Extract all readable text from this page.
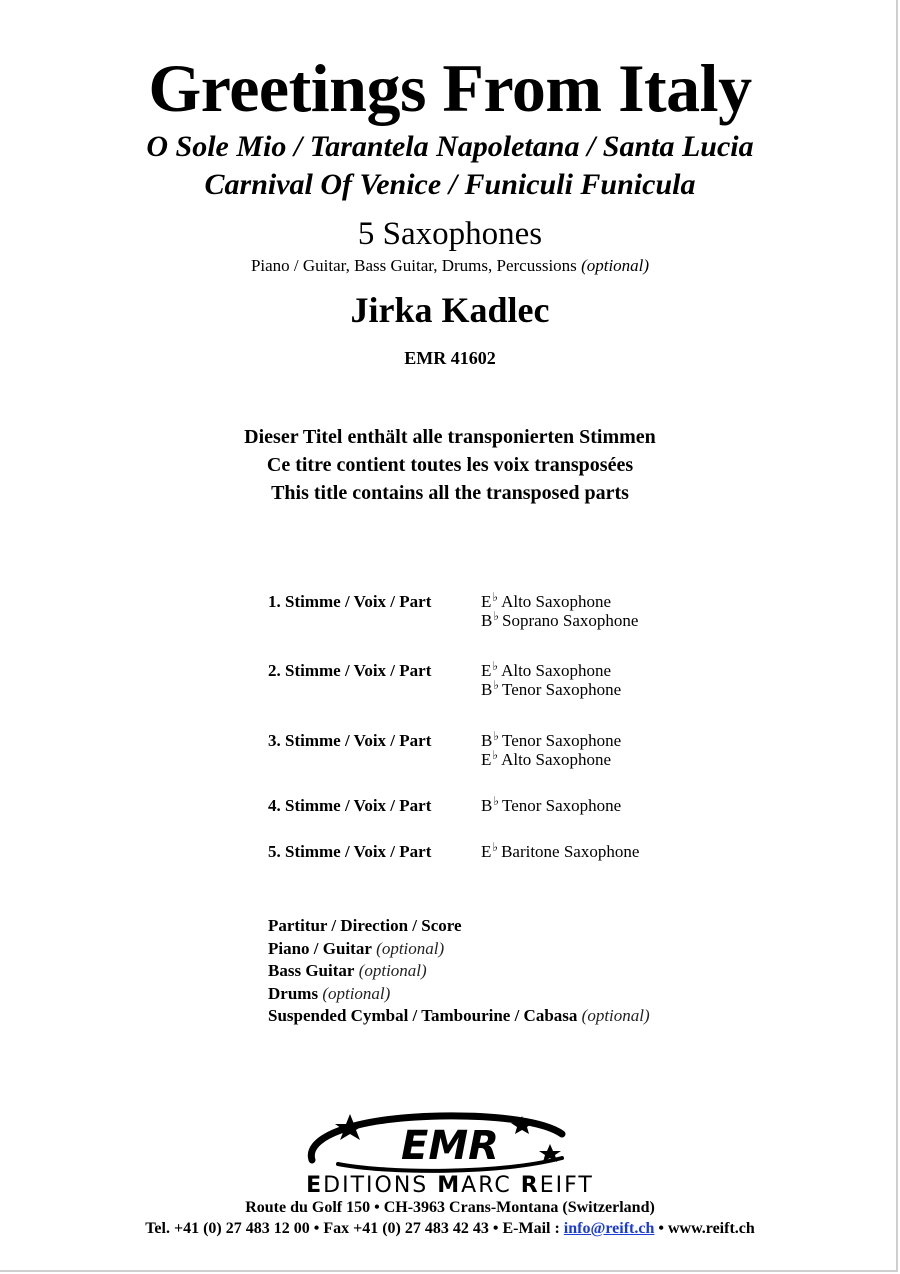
Greetings From Italy
O Sole Mio / Tarantela Napoletana / Santa Lucia
Carnival Of Venice / Funiculi Funicula
5 Saxophones
Piano / Guitar, Bass Guitar, Drums, Percussions (optional)
Jirka Kadlec
EMR 41602
Dieser Titel enthält alle transponierten Stimmen
Ce titre contient toutes les voix transposées
This title contains all the transposed parts
1. Stimme / Voix / Part	E♭ Alto Saxophone
B♭ Soprano Saxophone
2. Stimme / Voix / Part	E♭ Alto Saxophone
B♭ Tenor Saxophone
3. Stimme / Voix / Part	B♭ Tenor Saxophone
E♭ Alto Saxophone
4. Stimme / Voix / Part	B♭ Tenor Saxophone
5. Stimme / Voix / Part	E♭ Baritone Saxophone
Partitur / Direction / Score
Piano / Guitar (optional)
Bass Guitar (optional)
Drums (optional)
Suspended Cymbal / Tambourine / Cabasa (optional)
EMR
EDITIONS MARC REIFT
Route du Golf 150 • CH-3963 Crans-Montana (Switzerland)
Tel. +41 (0) 27 483 12 00 • Fax +41 (0) 27 483 42 43 • E-Mail : info@reift.ch • www.reift.ch
